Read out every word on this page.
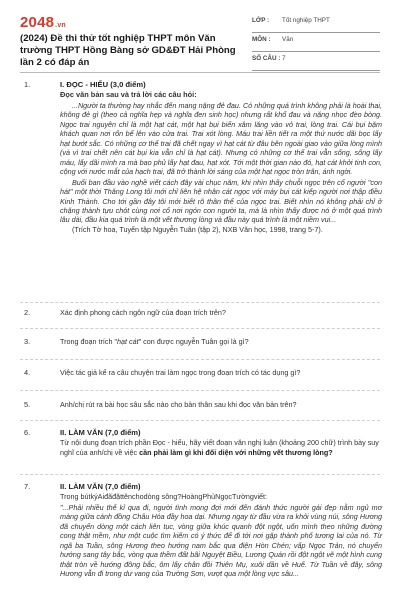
2048.vn
(2024) Đề thi thử tốt nghiệp THPT môn Văn trường THPT Hồng Bàng sở GD&ĐT Hải Phòng lần 2 có đáp án
LỚP : Tốt nghiệp THPT
MÔN : Văn
SỐ CÂU : 7
1.	I. ĐỌC - HIỂU (3,0 điểm)
Đọc văn bản sau và trả lời các câu hỏi:
...Người ta thường hay nhắc đến mang nặng đẻ đau. Có những quá trình không phải là hoài thai, không đẻ gì (theo cả nghĩa hẹp và nghĩa đen sinh học) nhưng rất khổ đau và nặng nhọc đèo bòng. Ngọc trai nguyên chỉ là một hạt cát, một hạt bụi biển xâm lăng vào vỏ trai, lòng trai. Cái bụi bặm khách quan nơi rốn bể lên vào cửa trai. Trai xót lòng. Máu trai liền tiết ra một thứ nước dãi bọc lấy hạt bướt sắc. Có những cơ thể trai đã chết ngay vì hạt cát từ đâu bên ngoài giao vào giữa lòng mình (và vì trai chết nên cát bụi kia vẫn chỉ là hạt cát). Nhưng có những cơ thể trai vẫn sống, sống lấy máu, lấy dãi mình ra mà bao phủ lấy hạt đau, hạt xót. Tới một thời gian nào đó, hạt cát khởi tinh con, cộng với nước mắt của hạch trai, đã trở thành lời sáng của một hạt ngọc tròn trăn, ánh ngời.
Buổi ban đầu vào nghề viết cách đây vài chục năm, khi nhìn thấy chuỗi ngọc trên cổ người "con hát" một thời Thăng Long tôi mới chỉ liên hệ nhân cát ngọc với máy bụi cát kiếp người nơi thập điều Kinh Thành. Cho tới gần đây tôi mới biết rõ thân thể của ngọc trai. Biết nhìn nó không phải chỉ ở chặng thành tựu chót cùng nơi cổ nơi ngón con người ta, mà là nhìn thấy được nó ở một quá trình lâu dài, đầu kia quá trình là một vết thương lòng và đầu này quá trình là một niềm vui...
(Trích Tờ hoa, Tuyển tập Nguyễn Tuân (tập 2), NXB Văn học, 1998, trang 5-7).
2.	Xác định phong cách ngôn ngữ của đoạn trích trên?
3.	Trong đoạn trích "hạt cát" con được nguyễn Tuân gọi là gì?
4.	Việc tác giả kể ra câu chuyện trai làm ngọc trong đoạn trích có tác dụng gì?
5.	Anh/chị rút ra bài học sâu sắc nào cho bản thân sau khi đọc văn bản trên?
6.	II. LÀM VĂN (7,0 điểm)
Từ nội dung đoạn trích phần Đọc - hiểu, hãy viết đoạn văn nghị luận (khoảng 200 chữ) trình bày suy nghĩ của anh/chị về việc cần phải làm gì khi đối diện với những vết thương lòng?
7.	II. LÀM VĂN (7,0 điểm)
Trong bútkýAiđãđặttênchodòng sông?HoàngPhủNgọcTườngviết:
"...Phải nhiều thế kỉ qua đi, người tình mong đợi mới đến đánh thức người gái đẹp nằm ngủ mơ màng giữa cánh đồng Châu Hóa đầy hoa dại. Nhưng ngay từ đầu vừa ra khỏi vùng núi, sông Hương đã chuyển dòng một cách liên tục, vòng giữa khúc quanh đột ngột, uốn mình theo những đường cong thật mềm, như một cuộc tìm kiếm có ý thức để đi tới nơi gặp thành phố tương lai của nó. Từ ngã ba Tuần, sông Hương theo hướng nam bắc qua điện Hòn Chén; vấp Ngọc Trản, nó chuyển hướng sang tây bắc, vòng qua thềm đất bãi Nguyệt Biều, Lương Quán rồi đột ngột vẽ một hình cung thật tròn về hướng đông bắc, ôm lấy chân đồi Thiên Mụ, xuôi dần về Huế. Từ Tuần về đây, sông Hương vẫn đi trong dư vang của Trường Sơn, vượt qua một lòng vực sâu...
